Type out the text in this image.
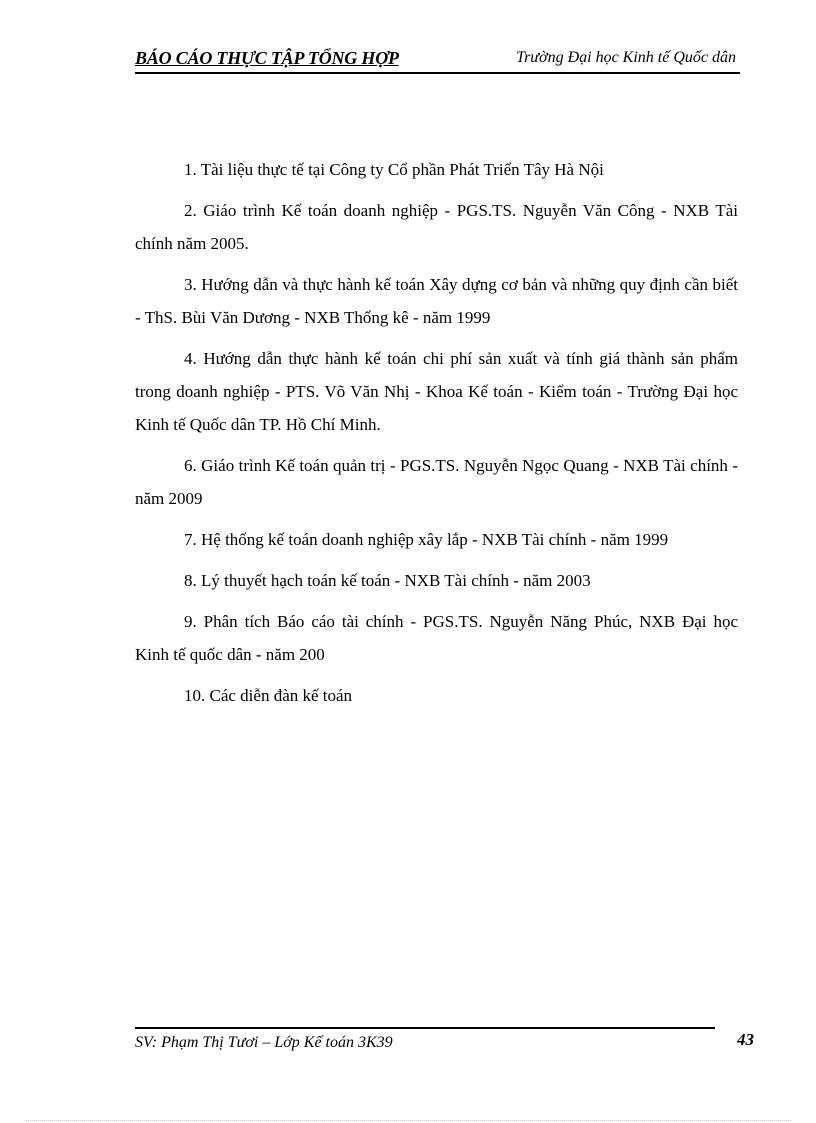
BÁO CÁO THỰC TẬP TỔNG HỢP	Trường Đại học Kinh tế Quốc dân

1. Tài liệu thực tế tại Công ty Cổ phần Phát Triển Tây Hà Nội

2. Giáo trình Kế toán doanh nghiệp - PGS.TS. Nguyễn Văn Công - NXB Tài chính năm 2005.

3. Hướng dẫn và thực hành kế toán Xây dựng cơ bản và những quy định cần biết - ThS. Bùi Văn Dương - NXB Thống kê - năm 1999

4. Hướng dẫn thực hành kế toán chi phí sản xuất và tính giá thành sản phẩm trong doanh nghiệp - PTS. Võ Văn Nhị - Khoa Kế toán - Kiểm toán - Trường Đại học Kinh tế Quốc dân TP. Hồ Chí Minh.

6. Giáo trình Kế toán quản trị - PGS.TS. Nguyễn Ngọc Quang - NXB Tài chính - năm 2009

7. Hệ thống kế toán doanh nghiệp xây lắp - NXB Tài chính - năm 1999

8. Lý thuyết hạch toán kế toán - NXB Tài chính - năm 2003

9. Phân tích Báo cáo tài chính - PGS.TS. Nguyễn Năng Phúc, NXB Đại học Kinh tế quốc dân - năm 200

10. Các diễn đàn kế toán

SV: Phạm Thị Tươi – Lớp Kế toán 3K39	43
